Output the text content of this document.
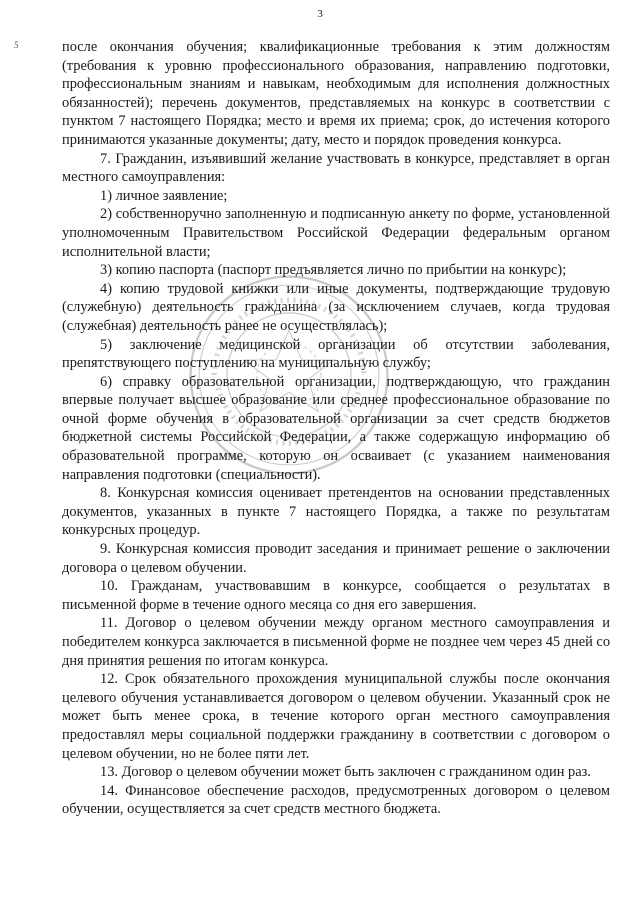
3
5	после окончания обучения; квалификационные требования к этим должностям (требования к уровню профессионального образования, направлению подготовки, профессиональным знаниям и навыкам, необходимым для исполнения должностных обязанностей); перечень документов, представляемых на конкурс в соответствии с пунктом 7 настоящего Порядка; место и время их приема; срок, до истечения которого принимаются указанные документы; дату, место и порядок проведения конкурса.

7. Гражданин, изъявивший желание участвовать в конкурсе, представляет в орган местного самоуправления:

1) личное заявление;

2) собственноручно заполненную и подписанную анкету по форме, установленной уполномоченным Правительством Российской Федерации федеральным органом исполнительной власти;

3) копию паспорта (паспорт предъявляется лично по прибытии на конкурс);

4) копию трудовой книжки или иные документы, подтверждающие трудовую (служебную) деятельность гражданина (за исключением случаев, когда трудовая (служебная) деятельность ранее не осуществлялась);

5) заключение медицинской организации об отсутствии заболевания, препятствующего поступлению на муниципальную службу;

6) справку образовательной организации, подтверждающую, что гражданин впервые получает высшее образование или среднее профессиональное образование по очной форме обучения в образовательной организации за счет средств бюджетов бюджетной системы Российской Федерации, а также содержащую информацию об образовательной программе, которую он осваивает (с указанием наименования направления подготовки (специальности).

8. Конкурсная комиссия оценивает претендентов на основании представленных документов, указанных в пункте 7 настоящего Порядка, а также по результатам конкурсных процедур.

9. Конкурсная комиссия проводит заседания и принимает решение о заключении договора о целевом обучении.

10. Гражданам, участвовавшим в конкурсе, сообщается о результатах в письменной форме в течение одного месяца со дня его завершения.

11. Договор о целевом обучении между органом местного самоуправления и победителем конкурса заключается в письменной форме не позднее чем через 45 дней со дня принятия решения по итогам конкурса.

12. Срок обязательного прохождения муниципальной службы после окончания целевого обучения устанавливается договором о целевом обучении. Указанный срок не может быть менее срока, в течение которого орган местного самоуправления предоставлял меры социальной поддержки гражданину в соответствии с договором о целевом обучении, но не более пяти лет.

13. Договор о целевом обучении может быть заключен с гражданином один раз.

14. Финансовое обеспечение расходов, предусмотренных договором о целевом обучении, осуществляется за счет средств местного бюджета.
